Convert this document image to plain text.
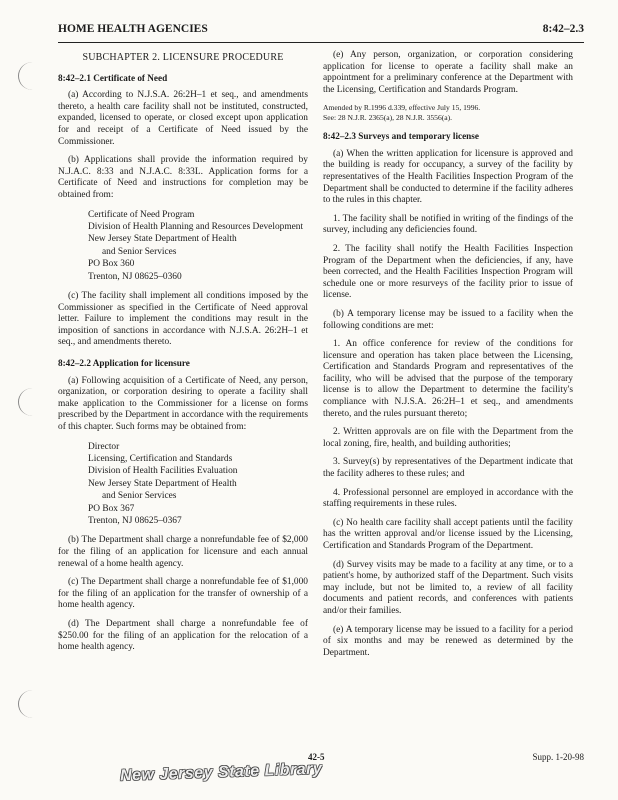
HOME HEALTH AGENCIES	8:42–2.3
SUBCHAPTER 2. LICENSURE PROCEDURE
8:42–2.1 Certificate of Need

(a) According to N.J.S.A. 26:2H–1 et seq., and amendments thereto, a health care facility shall not be instituted, constructed, expanded, licensed to operate, or closed except upon application for and receipt of a Certificate of Need issued by the Commissioner.

(b) Applications shall provide the information required by N.J.A.C. 8:33 and N.J.A.C. 8:33L. Application forms for a Certificate of Need and instructions for completion may be obtained from:

Certificate of Need Program
Division of Health Planning and Resources Development
New Jersey State Department of Health
and Senior Services
PO Box 360
Trenton, NJ 08625–0360

(c) The facility shall implement all conditions imposed by the Commissioner as specified in the Certificate of Need approval letter. Failure to implement the conditions may result in the imposition of sanctions in accordance with N.J.S.A. 26:2H–1 et seq., and amendments thereto.

8:42–2.2 Application for licensure

(a) Following acquisition of a Certificate of Need, any person, organization, or corporation desiring to operate a facility shall make application to the Commissioner for a license on forms prescribed by the Department in accordance with the requirements of this chapter. Such forms may be obtained from:

Director
Licensing, Certification and Standards
Division of Health Facilities Evaluation
New Jersey State Department of Health
and Senior Services
PO Box 367
Trenton, NJ 08625–0367

(b) The Department shall charge a nonrefundable fee of $2,000 for the filing of an application for licensure and each annual renewal of a home health agency.

(c) The Department shall charge a nonrefundable fee of $1,000 for the filing of an application for the transfer of ownership of a home health agency.

(d) The Department shall charge a nonrefundable fee of $250.00 for the filing of an application for the relocation of a home health agency.

(e) Any person, organization, or corporation considering application for license to operate a facility shall make an appointment for a preliminary conference at the Department with the Licensing, Certification and Standards Program.

Amended by R.1996 d.339, effective July 15, 1996.
See: 28 N.J.R. 2365(a), 28 N.J.R. 3556(a).
8:42–2.3 Surveys and temporary license

(a) When the written application for licensure is approved and the building is ready for occupancy, a survey of the facility by representatives of the Health Facilities Inspection Program of the Department shall be conducted to determine if the facility adheres to the rules in this chapter.

1. The facility shall be notified in writing of the findings of the survey, including any deficiencies found.

2. The facility shall notify the Health Facilities Inspection Program of the Department when the deficiencies, if any, have been corrected, and the Health Facilities Inspection Program will schedule one or more resurveys of the facility prior to issue of license.

(b) A temporary license may be issued to a facility when the following conditions are met:

1. An office conference for review of the conditions for licensure and operation has taken place between the Licensing, Certification and Standards Program and representatives of the facility, who will be advised that the purpose of the temporary license is to allow the Department to determine the facility's compliance with N.J.S.A. 26:2H–1 et seq., and amendments thereto, and the rules pursuant thereto;

2. Written approvals are on file with the Department from the local zoning, fire, health, and building authorities;

3. Survey(s) by representatives of the Department indicate that the facility adheres to these rules; and

4. Professional personnel are employed in accordance with the staffing requirements in these rules.

(c) No health care facility shall accept patients until the facility has the written approval and/or license issued by the Licensing, Certification and Standards Program of the Department.

(d) Survey visits may be made to a facility at any time, or to a patient's home, by authorized staff of the Department. Such visits may include, but not be limited to, a review of all facility documents and patient records, and conferences with patients and/or their families.

(e) A temporary license may be issued to a facility for a period of six months and may be renewed as determined by the Department.

42-5	Supp. 1-20-98
New Jersey State Library
